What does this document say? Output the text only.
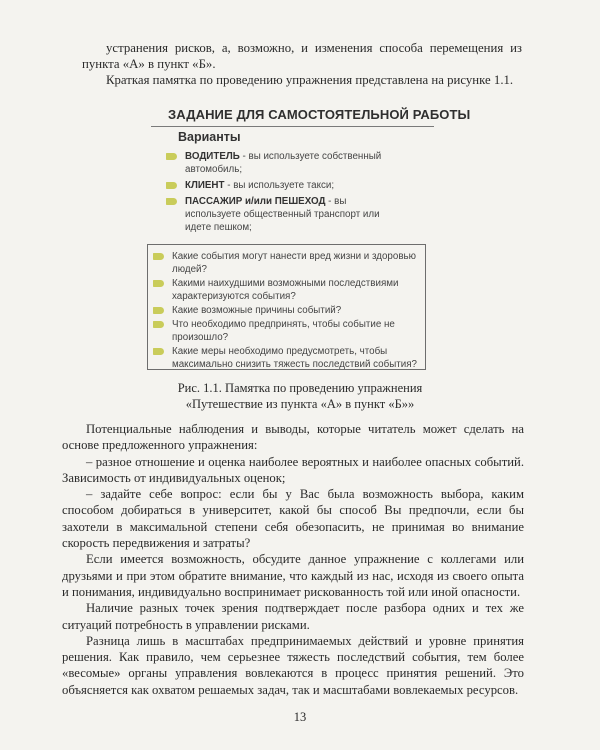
устранения рисков, а, возможно, и изменения способа перемещения из пункта «А» в пункт «Б».

Краткая памятка по проведению упражнения представлена на рисунке 1.1.

ЗАДАНИЕ ДЛЯ САМОСТОЯТЕЛЬНОЙ РАБОТЫ
Варианты
ВОДИТЕЛЬ - вы используете собственный автомобиль;
КЛИЕНТ - вы используете такси;
ПАССАЖИР и/или ПЕШЕХОД - вы используете общественный транспорт или идете пешком;
Какие события могут нанести вред жизни и здоровью людей?
Какими наихудшими возможными последствиями характеризуются события?
Какие возможные причины событий?
Что необходимо предпринять, чтобы событие не произошло?
Какие меры необходимо предусмотреть, чтобы максимально снизить тяжесть последствий события?
Рис. 1.1. Памятка по проведению упражнения
«Путешествие из пункта «А» в пункт «Б»»

Потенциальные наблюдения и выводы, которые читатель может сделать на основе предложенного упражнения:

– разное отношение и оценка наиболее вероятных и наиболее опасных событий. Зависимость от индивидуальных оценок;

– задайте себе вопрос: если бы у Вас была возможность выбора, каким способом добираться в университет, какой бы способ Вы предпочли, если бы захотели в максимальной степени себя обезопасить, не принимая во внимание скорость передвижения и затраты?

Если имеется возможность, обсудите данное упражнение с коллегами или друзьями и при этом обратите внимание, что каждый из нас, исходя из своего опыта и понимания, индивидуально воспринимает рискованность той или иной опасности.

Наличие разных точек зрения подтверждает после разбора одних и тех же ситуаций потребность в управлении рисками.

Разница лишь в масштабах предпринимаемых действий и уровне принятия решения. Как правило, чем серьезнее тяжесть последствий события, тем более «весомые» органы управления вовлекаются в процесс принятия решений. Это объясняется как охватом решаемых задач, так и масштабами вовлекаемых ресурсов.

13
